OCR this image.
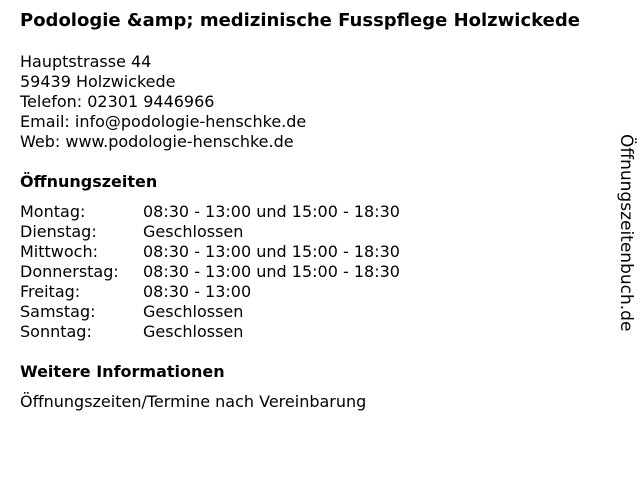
Podologie &amp; medizinische Fusspflege Holzwickede
Hauptstrasse 44
59439 Holzwickede
Telefon: 02301 9446966
Email: info@podologie-henschke.de
Web: www.podologie-henschke.de
Öffnungszeiten
Montag:	08:30 - 13:00 und 15:00 - 18:30
Dienstag:	Geschlossen
Mittwoch:	08:30 - 13:00 und 15:00 - 18:30
Donnerstag:	08:30 - 13:00 und 15:00 - 18:30
Freitag:	08:30 - 13:00
Samstag:	Geschlossen
Sonntag:	Geschlossen
Weitere Informationen
Öffnungszeiten/Termine nach Vereinbarung
Öffnungszeitenbuch.de
